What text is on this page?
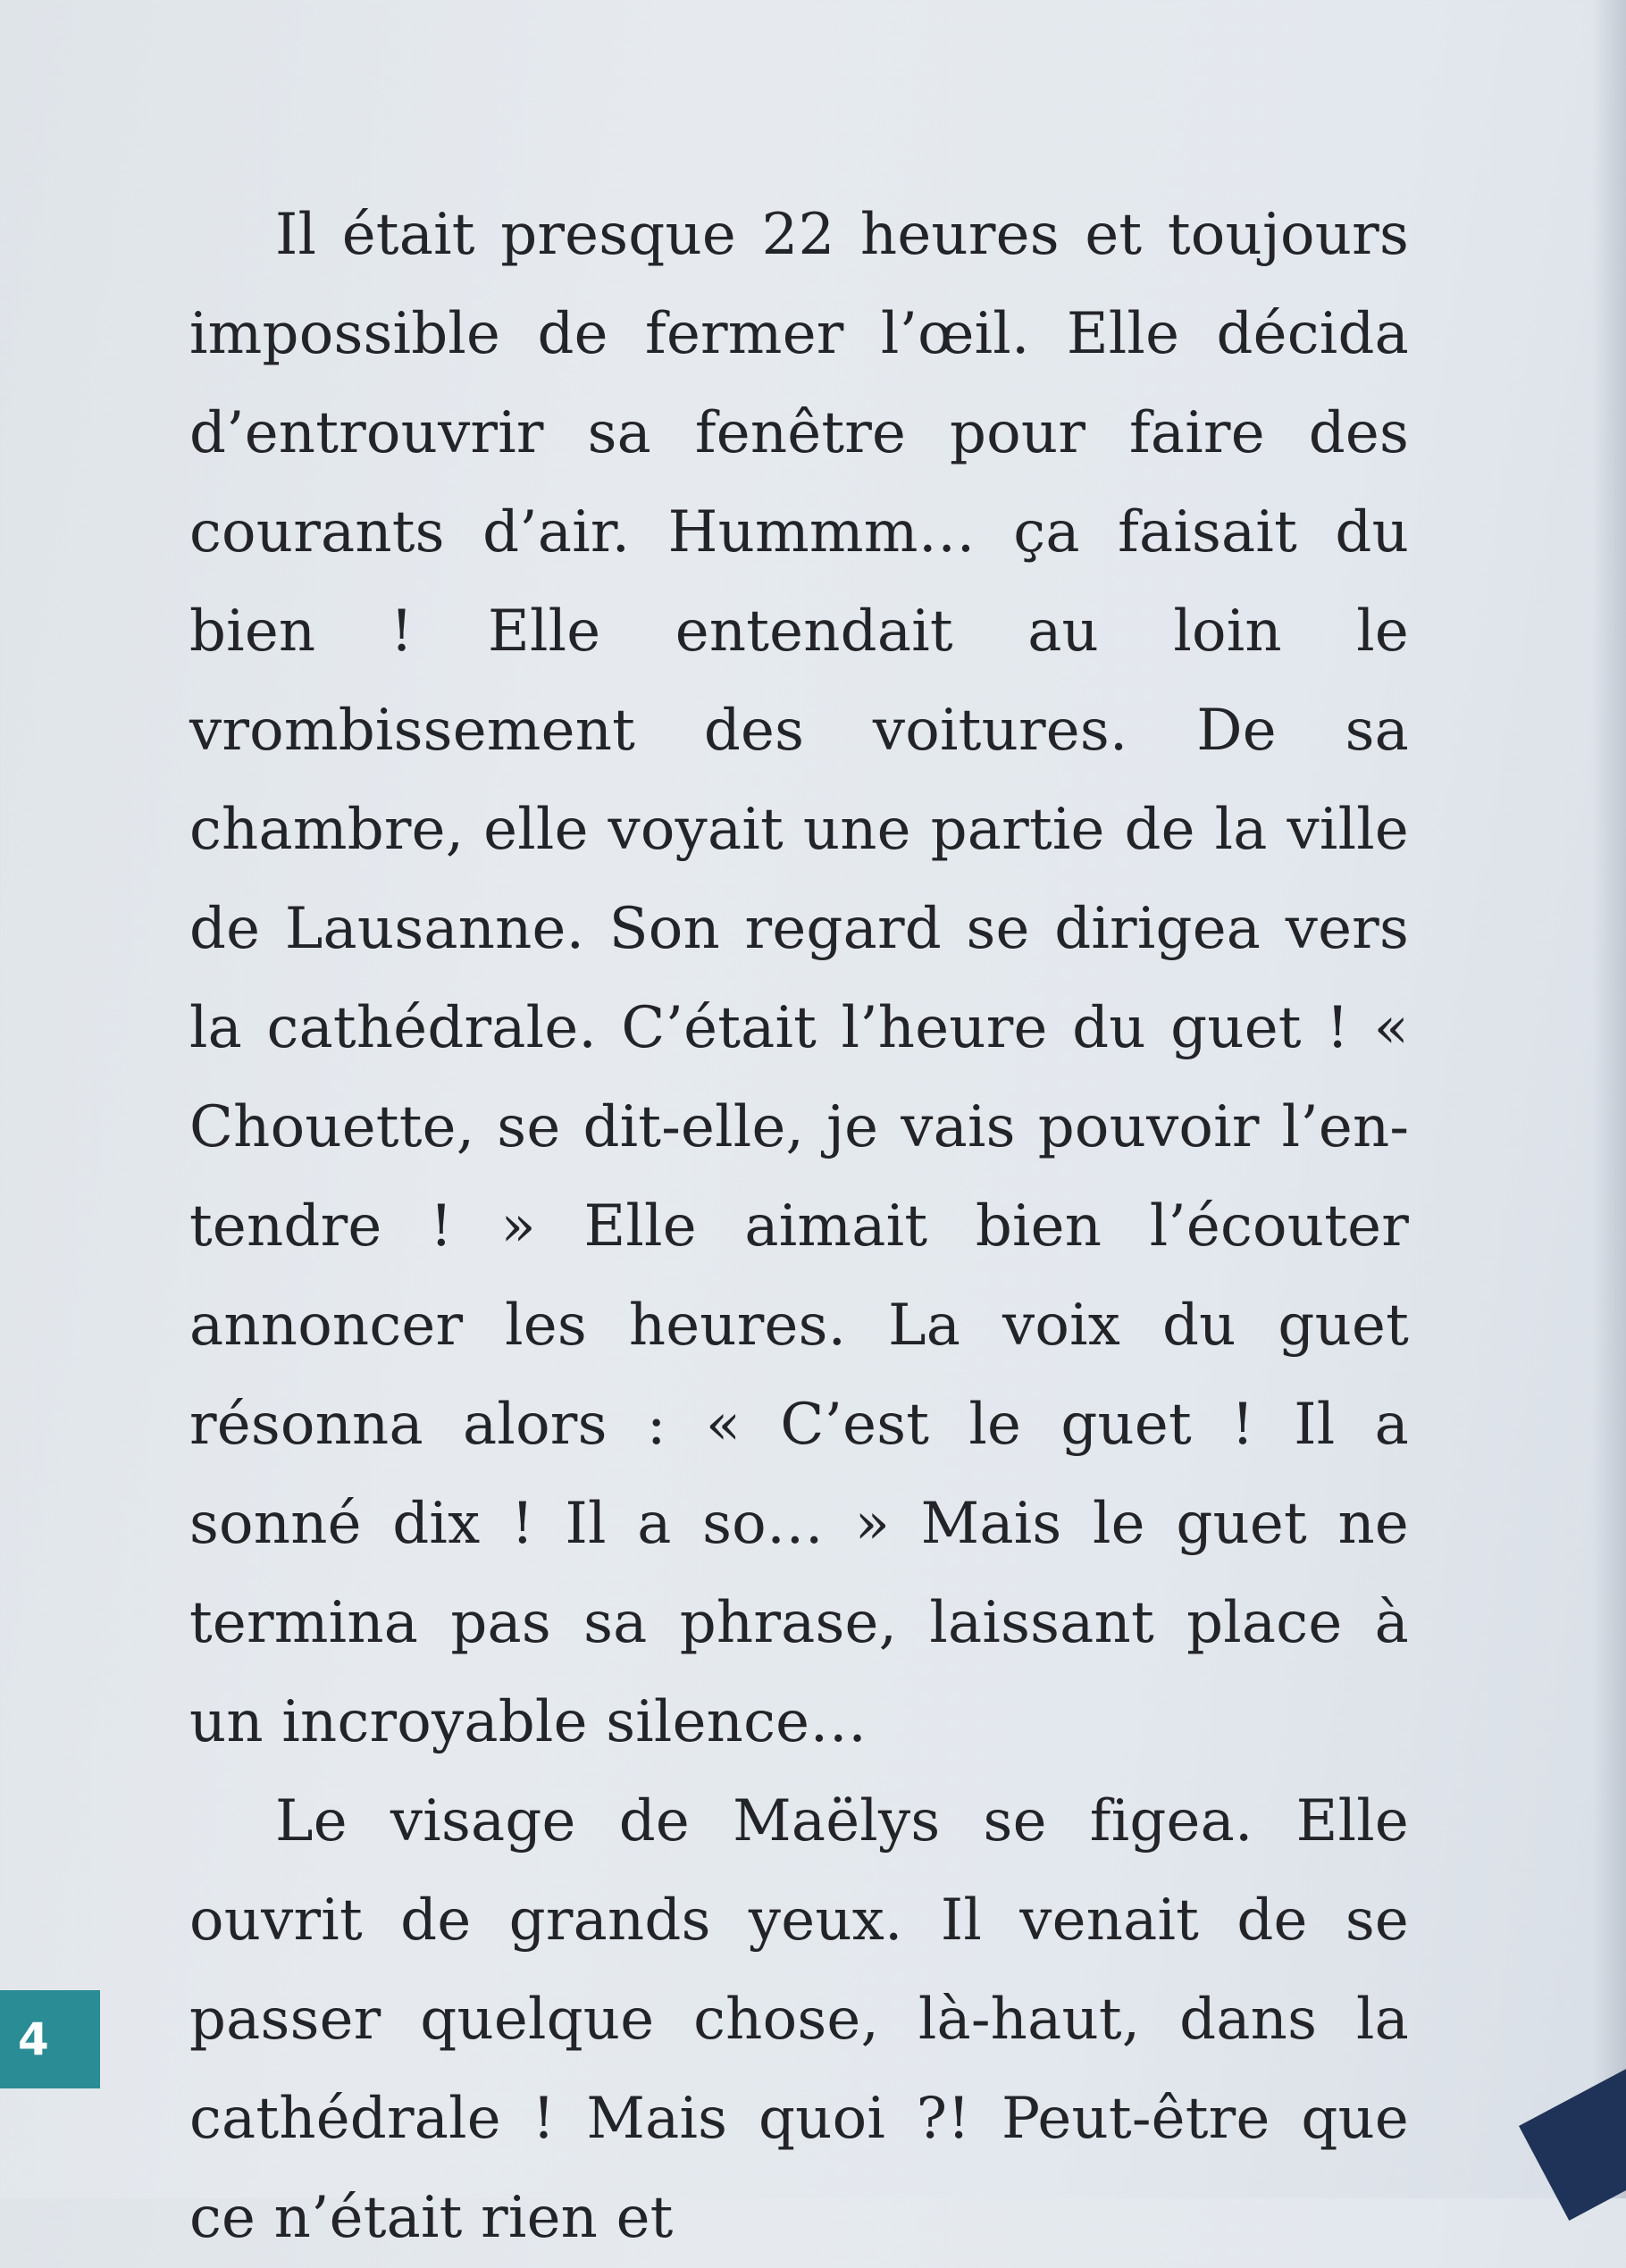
Il était presque 22 heures et toujours impossible de fermer l’œil. Elle décida d’entrouvrir sa fenêtre pour faire des courants d’air. Hummm… ça faisait du bien ! Elle entendait au loin le vrombissement des voitures. De sa chambre, elle voyait une partie de la ville de Lausanne. Son regard se dirigea vers la cathédrale. C’était l’heure du guet ! « Chouette, se dit-elle, je vais pouvoir l’entendre ! » Elle aimait bien l’écouter annoncer les heures. La voix du guet résonna alors : « C’est le guet ! Il a sonné dix ! Il a so… » Mais le guet ne termina pas sa phrase, laissant place à un incroyable silence…

Le visage de Maëlys se figea. Elle ouvrit de grands yeux. Il venait de se passer quelque chose, là-haut, dans la cathédrale ! Mais quoi ?! Peut-être que ce n’était rien et

4
